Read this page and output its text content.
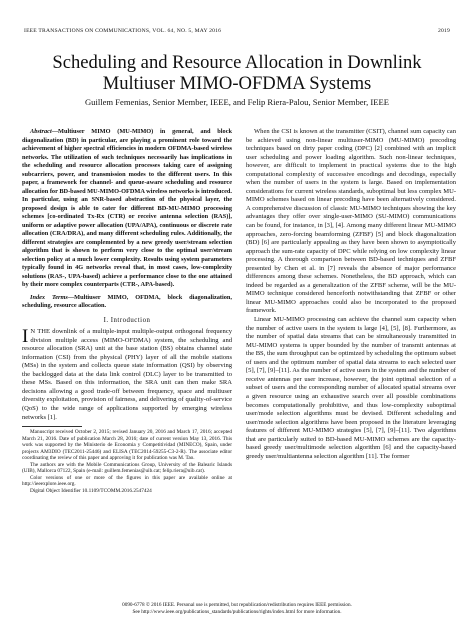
IEEE TRANSACTIONS ON COMMUNICATIONS, VOL. 64, NO. 5, MAY 2016	2019
Scheduling and Resource Allocation in Downlink
Multiuser MIMO-OFDMA Systems
Guillem Femenias, Senior Member, IEEE, and Felip Riera-Palou, Senior Member, IEEE

Abstract—Multiuser MIMO (MU-MIMO) in general, and block diagonalization (BD) in particular, are playing a prominent role toward the achievement of higher spectral efficiencies in modern OFDMA-based wireless networks. The utilization of such techniques necessarily has implications in the scheduling and resource allocation processes taking care of assigning subcarriers, power, and transmission modes to the different users. In this paper, a framework for channel- and queue-aware scheduling and resource allocation for BD-based MU-MIMO-OFDMA wireless networks is introduced. In particular, using an SNR-based abstraction of the physical layer, the proposed design is able to cater for different BD-MU-MIMO processing schemes [co-ordinated Tx-Rx (CTR) or receive antenna selection (RAS)], uniform or adaptive power allocation (UPA/APA), continuous or discrete rate allocation (CRA/DRA), and many different scheduling rules. Additionally, the different strategies are complemented by a new greedy user/stream selection algorithm that is shown to perform very close to the optimal user/stream selection policy at a much lower complexity. Results using system parameters typically found in 4G networks reveal that, in most cases, low-complexity solutions (RAS-, UPA-based) achieve a performance close to the one attained by their more complex counterparts (CTR-, APA-based).

Index Terms—Multiuser MIMO, OFDMA, block diagonalization, scheduling, resource allocation.

I. Introduction

I N THE downlink of a multiple-input multiple-output orthogonal frequency division multiple access (MIMO-OFDMA) system, the scheduling and resource allocation (SRA) unit at the base station (BS) obtains channel state information (CSI) from the physical (PHY) layer of all the mobile stations (MSs) in the system and collects queue state information (QSI) by observing the backlogged data at the data link control (DLC) layer to be transmitted to these MSs. Based on this information, the SRA unit can then make SRA decisions allowing a good trade-off between frequency, space and multiuser diversity exploitation, provision of fairness, and delivering of quality-of-service (QoS) to the wide range of applications supported by emerging wireless networks [1].

Manuscript received October 2, 2015; revised January 20, 2016 and March 17, 2016; accepted March 21, 2016. Date of publication March 28, 2016; date of current version May 13, 2016. This work was supported by the Ministerio de Economia y Competitividad (MINECO), Spain, under projects AM3DIO (TEC2011-25446) and ELISA (TEC2014-59255-C3-2-R). The associate editor coordinating the review of this paper and approving it for publication was M. Tao.

The authors are with the Mobile Communications Group, University of the Balearic Islands (UIB), Mallorca 07122, Spain (e-mail: guillem.femenias@uib.cat; felip.riera@uib.cat).

Color versions of one or more of the figures in this paper are available online at http://ieeexplore.ieee.org.

Digital Object Identifier 10.1109/TCOMM.2016.2547424

When the CSI is known at the transmitter (CSIT), channel sum capacity can be achieved using non-linear multiuser-MIMO (MU-MIMO) precoding techniques based on dirty paper coding (DPC) [2] combined with an implicit user scheduling and power loading algorithm. Such non-linear techniques, however, are difficult to implement in practical systems due to the high computational complexity of successive encodings and decodings, especially when the number of users in the system is large. Based on implementation considerations for current wireless standards, suboptimal but less complex MU-MIMO schemes based on linear precoding have been alternatively considered. A comprehensive discussion of classic MU-MIMO techniques showing the key advantages they offer over single-user-MIMO (SU-MIMO) communications can be found, for instance, in [3], [4]. Among many different linear MU-MIMO approaches, zero-forcing beamforming (ZFBF) [5] and block diagonalization (BD) [6] are particularly appealing as they have been shown to asymptotically approach the sum-rate capacity of DPC while relying on low complexity linear processing. A thorough comparison between BD-based techniques and ZFBF presented by Chen et al. in [7] reveals the absence of major performance differences among these schemes. Nonetheless, the BD approach, which can indeed be regarded as a generalization of the ZFBF scheme, will be the MU-MIMO technique considered henceforth notwithstanding that ZFBF or other linear MU-MIMO approaches could also be incorporated to the proposed framework.

Linear MU-MIMO processing can achieve the channel sum capacity when the number of active users in the system is large [4], [5], [8]. Furthermore, as the number of spatial data streams that can be simultaneously transmitted in MU-MIMO systems is upper bounded by the number of transmit antennas at the BS, the sum throughput can be optimized by scheduling the optimum subset of users and the optimum number of spatial data streams to each selected user [5], [7], [9]–[11]. As the number of active users in the system and the number of receive antennas per user increase, however, the joint optimal selection of a subset of users and the corresponding number of allocated spatial streams over a given resource using an exhaustive search over all possible combinations becomes computationally prohibitive, and thus low-complexity suboptimal user/mode selection algorithms must be devised. Different scheduling and user/mode selection algorithms have been proposed in the literature leveraging features of different MU-MIMO strategies [5], [7], [9]–[11]. Two algorithms that are particularly suited to BD-based MU-MIMO schemes are the capacity-based greedy user/multimode selection algorithm [6] and the capacity-based greedy user/multiantenna selection algorithm [11]. The former

0090-6778 © 2016 IEEE. Personal use is permitted, but republication/redistribution requires IEEE permission.
See http://www.ieee.org/publications_standards/publications/rights/index.html for more information.
